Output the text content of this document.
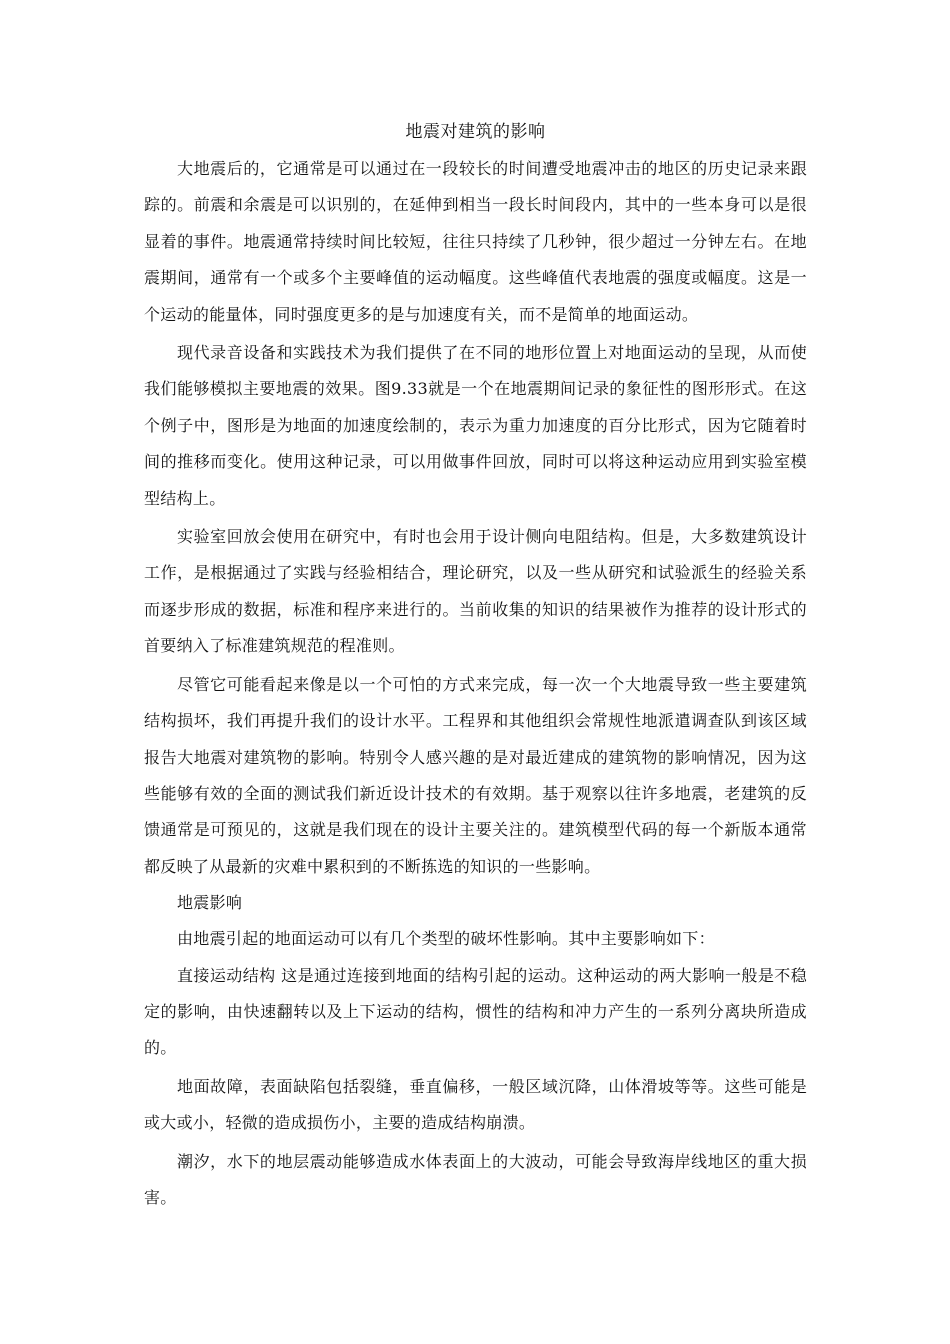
地震对建筑的影响

大地震后的，它通常是可以通过在一段较长的时间遭受地震冲击的地区的历史记录来跟踪的。前震和余震是可以识别的，在延伸到相当一段长时间段内，其中的一些本身可以是很显着的事件。地震通常持续时间比较短，往往只持续了几秒钟，很少超过一分钟左右。在地震期间，通常有一个或多个主要峰值的运动幅度。这些峰值代表地震的强度或幅度。这是一个运动的能量体，同时强度更多的是与加速度有关，而不是简单的地面运动。

现代录音设备和实践技术为我们提供了在不同的地形位置上对地面运动的呈现，从而使我们能够模拟主要地震的效果。图9.33就是一个在地震期间记录的象征性的图形形式。在这个例子中，图形是为地面的加速度绘制的，表示为重力加速度的百分比形式，因为它随着时间的推移而变化。使用这种记录，可以用做事件回放，同时可以将这种运动应用到实验室模型结构上。

实验室回放会使用在研究中，有时也会用于设计侧向电阻结构。但是，大多数建筑设计工作，是根据通过了实践与经验相结合，理论研究，以及一些从研究和试验派生的经验关系而逐步形成的数据，标准和程序来进行的。当前收集的知识的结果被作为推荐的设计形式的首要纳入了标准建筑规范的程准则。

尽管它可能看起来像是以一个可怕的方式来完成，每一次一个大地震导致一些主要建筑结构损坏，我们再提升我们的设计水平。工程界和其他组织会常规性地派遣调查队到该区域报告大地震对建筑物的影响。特别令人感兴趣的是对最近建成的建筑物的影响情况，因为这些能够有效的全面的测试我们新近设计技术的有效期。基于观察以往许多地震，老建筑的反馈通常是可预见的，这就是我们现在的设计主要关注的。建筑模型代码的每一个新版本通常都反映了从最新的灾难中累积到的不断拣选的知识的一些影响。

地震影响

由地震引起的地面运动可以有几个类型的破坏性影响。其中主要影响如下：

直接运动结构 这是通过连接到地面的结构引起的运动。这种运动的两大影响一般是不稳定的影响，由快速翻转以及上下运动的结构，惯性的结构和冲力产生的一系列分离块所造成的。

地面故障，表面缺陷包括裂缝，垂直偏移，一般区域沉降，山体滑坡等等。这些可能是或大或小，轻微的造成损伤小，主要的造成结构崩溃。

潮汐，水下的地层震动能够造成水体表面上的大波动，可能会导致海岸线地区的重大损害。
